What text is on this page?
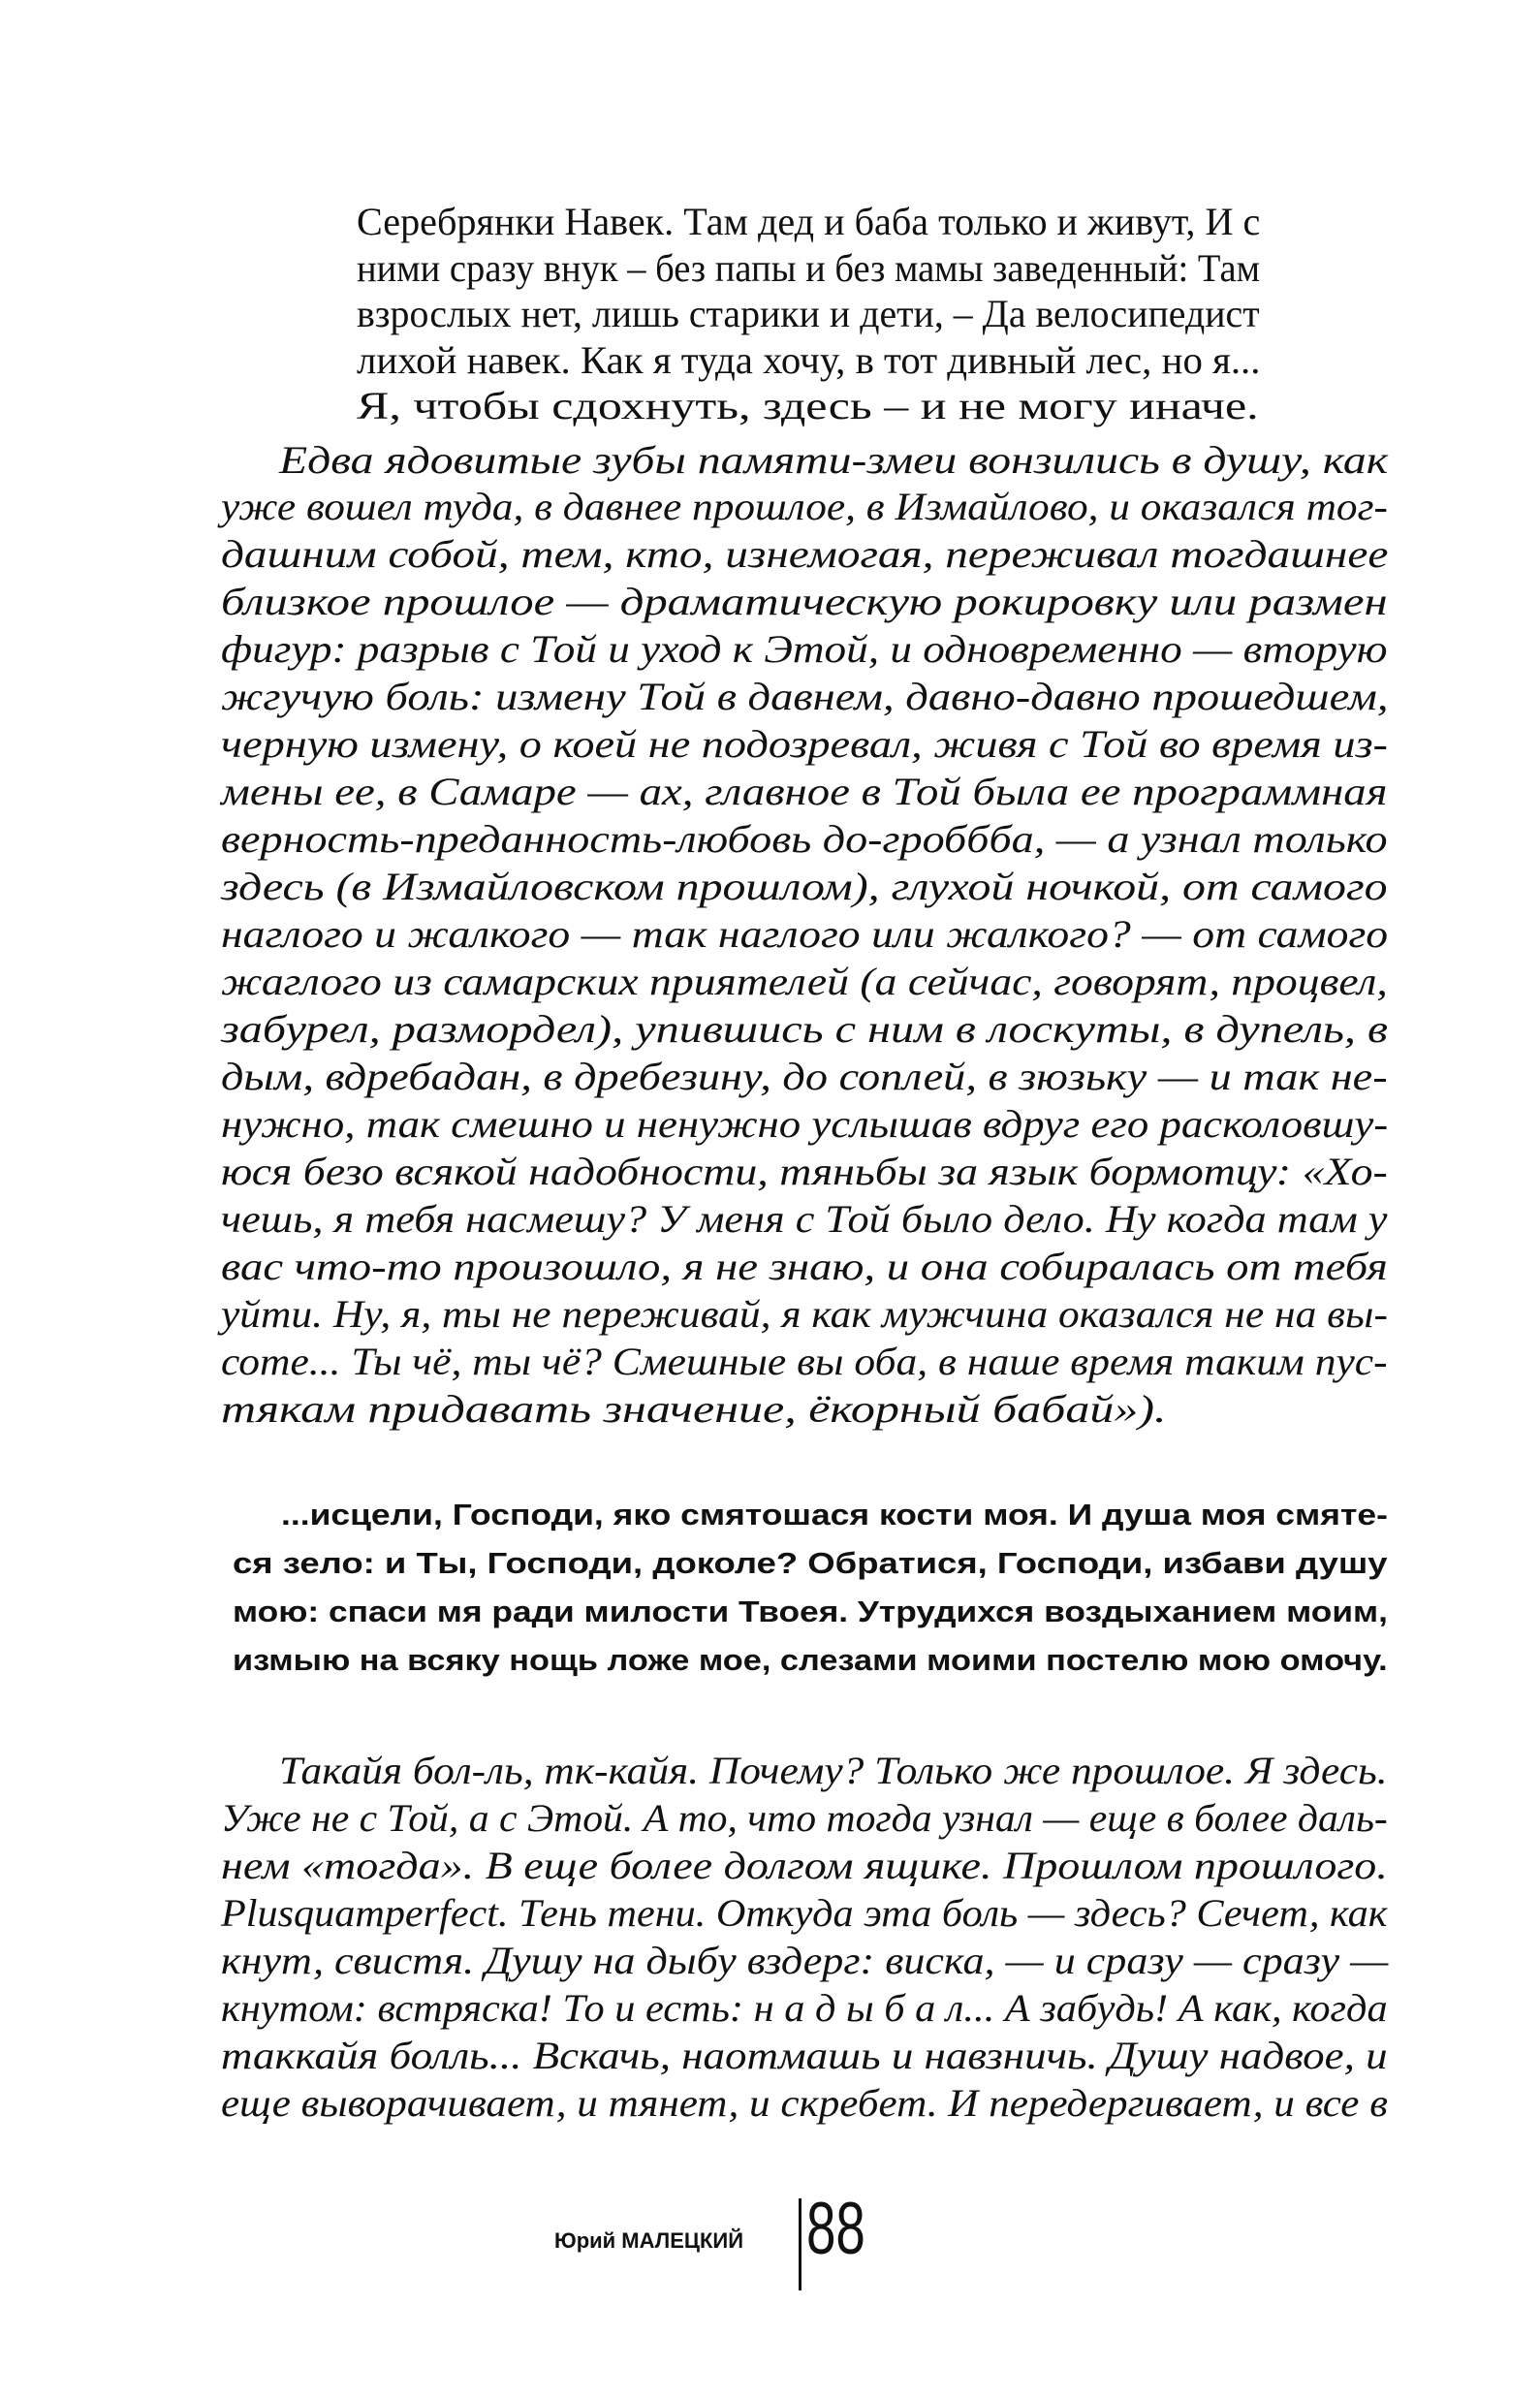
Серебрянки Навек. Там дед и баба только и живут, И с

ними сразу внук – без папы и без мамы заведенный: Там

взрослых нет, лишь старики и дети, – Да велосипедист

лихой навек. Как я туда хочу, в тот дивный лес, но я...

Я, чтобы сдохнуть, здесь – и не могу иначе.

Едва ядовитые зубы памяти-змеи вонзились в душу, как

уже вошел туда, в давнее прошлое, в Измайлово, и оказался тог-

дашним собой, тем, кто, изнемогая, переживал тогдашнее

близкое прошлое — драматическую рокировку или размен

фигур: разрыв с Той и уход к Этой, и одновременно — вторую

жгучую боль: измену Той в давнем, давно-давно прошедшем,

черную измену, о коей не подозревал, живя с Той во время из-

мены ее, в Самаре — ах, главное в Той была ее программная

верность-преданность-любовь до-гроббба, — а узнал только

здесь (в Измайловском прошлом), глухой ночкой, от самого

наглого и жалкого — так наглого или жалкого? — от самого

жаглого из самарских приятелей (а сейчас, говорят, процвел,

забурел, размордел), упившись с ним в лоскуты, в дупель, в

дым, вдребадан, в дребезину, до соплей, в зюзьку — и так не-

нужно, так смешно и ненужно услышав вдруг его расколовшу-

юся безо всякой надобности, тяньбы за язык бормотцу: «Хо-

чешь, я тебя насмешу? У меня с Той было дело. Ну когда там у

вас что-то произошло, я не знаю, и она собиралась от тебя

уйти. Ну, я, ты не переживай, я как мужчина оказался не на вы-

соте... Ты чё, ты чё? Смешные вы оба, в наше время таким пус-

тякам придавать значение, ёкорный бабай»).

...исцели, Господи, яко смятошася кости моя. И душа моя смяте-

ся зело: и Ты, Господи, доколе? Обратися, Господи, избави душу

мою: спаси мя ради милости Твоея. Утрудихся воздыханием моим,

измыю на всяку нощь ложе мое, слезами моими постелю мою омочу.

Такайя бол-ль, тк-кайя. Почему? Только же прошлое. Я здесь.

Уже не с Той, а с Этой. А то, что тогда узнал — еще в более даль-

нем «тогда». В еще более долгом ящике. Прошлом прошлого.

Plusquamperfect. Тень тени. Откуда эта боль — здесь? Сечет, как

кнут, свистя. Душу на дыбу вздерг: виска, — и сразу — сразу —

кнутом: встряска! То и есть: н а д ы б а л... А забудь! А как, когда

таккайя болль... Вскачь, наотмашь и навзничь. Душу надвое, и

еще выворачивает, и тянет, и скребет. И передергивает, и все в

Юрий МАЛЕЦКИЙ 88
